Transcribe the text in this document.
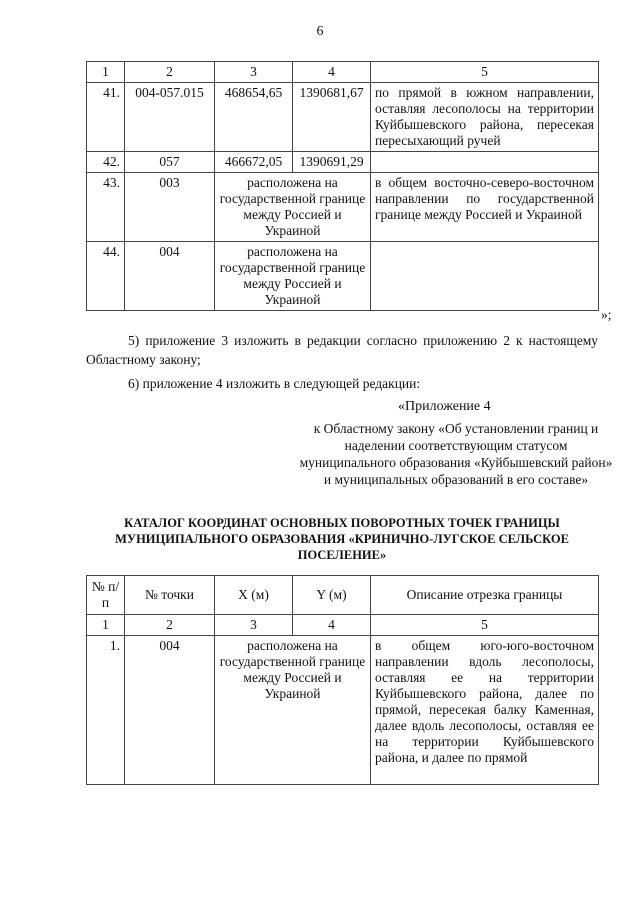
6
1	2	3	4	5
41.	004-057.015	468654,65	1390681,67	по прямой в южном направлении, оставляя лесополосы на территории Куйбышевского района, пересекая пересыхающий ручей
42.	057	466672,05	1390691,29	
43.	003	расположена на государственной границе между Россией и Украиной		в общем восточно-северо-восточном направлении по государственной границе между Россией и Украиной
44.	004	расположена на государственной границе между Россией и Украиной		
»;
5) приложение 3 изложить в редакции согласно приложению 2 к настоящему Областному закону;
6) приложение 4 изложить в следующей редакции:
«Приложение 4
к Областному закону «Об установлении границ и наделении соответствующим статусом муниципального образования «Куйбышевский район» и муниципальных образований в его составе»
КАТАЛОГ КООРДИНАТ ОСНОВНЫХ ПОВОРОТНЫХ ТОЧЕК ГРАНИЦЫ МУНИЦИПАЛЬНОГО ОБРАЗОВАНИЯ «КРИНИЧНО-ЛУГСКОЕ СЕЛЬСКОЕ ПОСЕЛЕНИЕ»
№ п/п	№ точки	X (м)	Y (м)	Описание отрезка границы
1	2	3	4	5
1.	004	расположена на государственной границе между Россией и Украиной		в общем юго-юго-восточном направлении вдоль лесополосы, оставляя ее на территории Куйбышевского района, далее по прямой, пересекая балку Каменная, далее вдоль лесополосы, оставляя ее на территории Куйбышевского района, и далее по прямой
